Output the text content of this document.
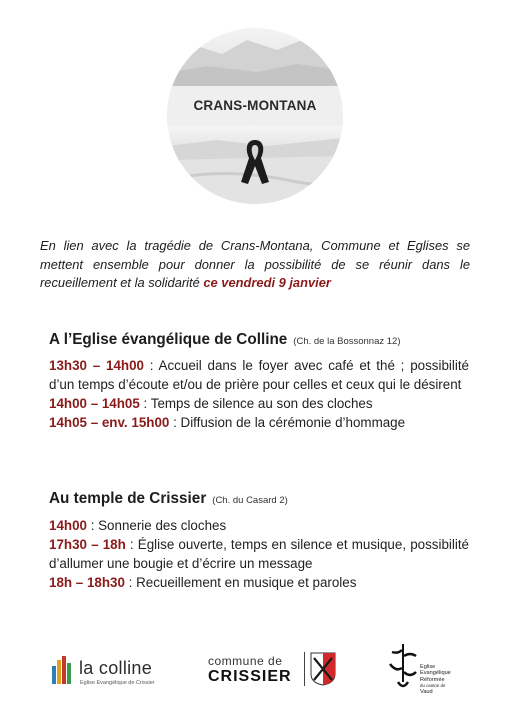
CRANS-MONTANA

En lien avec la tragédie de Crans-Montana, Commune et Eglises se mettent ensemble pour donner la possibilité de se réunir dans le recueillement et la solidarité ce vendredi 9 janvier

A l’Eglise évangélique de Colline (Ch. de la Bossonnaz 12)

13h30 – 14h00 : Accueil dans le foyer avec café et thé ; possibilité d’un temps d’écoute et/ou de prière pour celles et ceux qui le désirent

14h00 – 14h05 : Temps de silence au son des cloches

14h05 – env. 15h00 : Diffusion de la cérémonie d’hommage

Au temple de Crissier (Ch. du Casard 2)

14h00 : Sonnerie des cloches

17h30 – 18h : Église ouverte, temps en silence et musique, possibilité d’allumer une bougie et d’écrire un message

18h – 18h30 : Recueillement en musique et paroles

la colline
Eglise Evangélique de Crissier
commune de
CRISSIER
Eglise
Evangélique
Réformée
du canton de
Vaud
